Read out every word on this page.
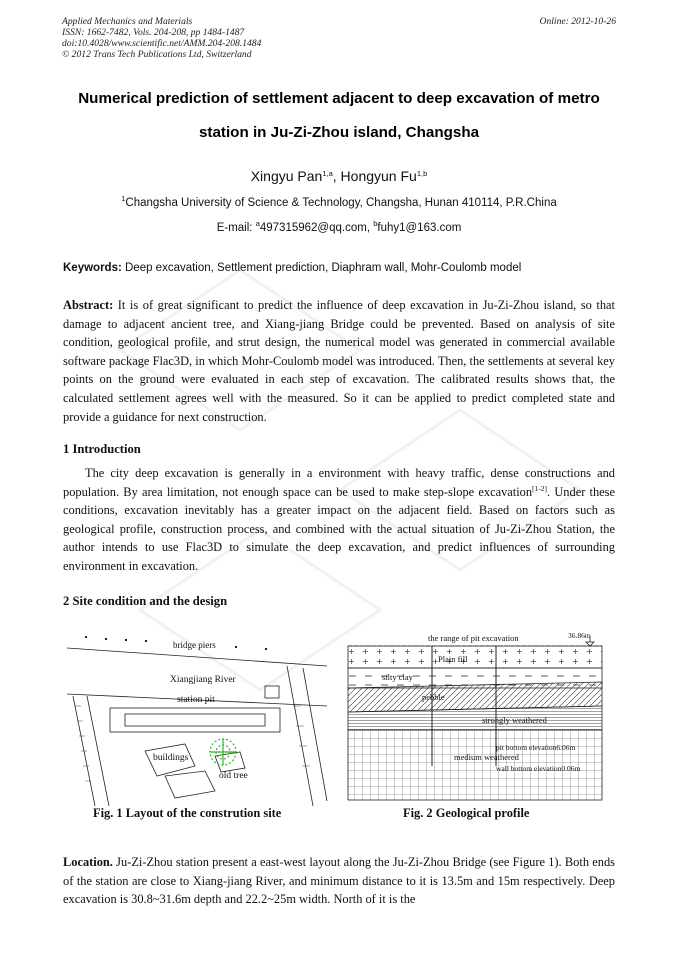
Applied Mechanics and Materials
ISSN: 1662-7482, Vols. 204-208, pp 1484-1487
doi:10.4028/www.scientific.net/AMM.204-208.1484
© 2012 Trans Tech Publications Ltd, Switzerland
Online: 2012-10-26
Numerical prediction of settlement adjacent to deep excavation of metro
station in Ju-Zi-Zhou island, Changsha
Xingyu Pan$^{1,a}$, Hongyun Fu$^{1,b}$
$^1$Changsha University of Science & Technology, Changsha, Hunan 410114, P.R.China
E-mail: $^a$497315962@qq.com, $^b$fuhy1@163.com
Keywords: Deep excavation, Settlement prediction, Diaphram wall, Mohr-Coulomb model
Abstract: It is of great significant to predict the influence of deep excavation in Ju-Zi-Zhou island, so that damage to adjacent ancient tree, and Xiang-jiang Bridge could be prevented. Based on analysis of site condition, geological profile, and strut design, the numerical model was generated in commercial available software package Flac3D, in which Mohr-Coulomb model was introduced. Then, the settlements at several key points on the ground were evaluated in each step of excavation. The calibrated results shows that, the calculated settlement agrees well with the measured. So it can be applied to predict completed state and provide a guidance for next construction.
1 Introduction
The city deep excavation is generally in a environment with heavy traffic, dense constructions and population. By area limitation, not enough space can be used to make step-slope excavation[1-2]. Under these conditions, excavation inevitably has a greater impact on the adjacent field. Based on factors such as geological profile, construction process, and combined with the actual situation of Ju-Zi-Zhou Station, the author intends to use Flac3D to simulate the deep excavation, and predict influences of surrounding environment in excavation.
2 Site condition and the design
bridge piers
Xiangjiang River
station pit
buildings
old tree
the range of pit excavation	36.86m
Plain fill
silty clay
pebble
strongly weathered
pit bottom elevation6.06m
medium weathered
wall bottom elevation0.06m
Fig. 1 Layout of the constrution site	Fig. 2 Geological profile
Location. Ju-Zi-Zhou station present a east-west layout along the Ju-Zi-Zhou Bridge (see Figure 1). Both ends of the station are close to Xiang-jiang River, and minimum distance to it is 13.5m and 15m respectively. Deep excavation is 30.8~31.6m depth and 22.2~25m width. North of it is the
